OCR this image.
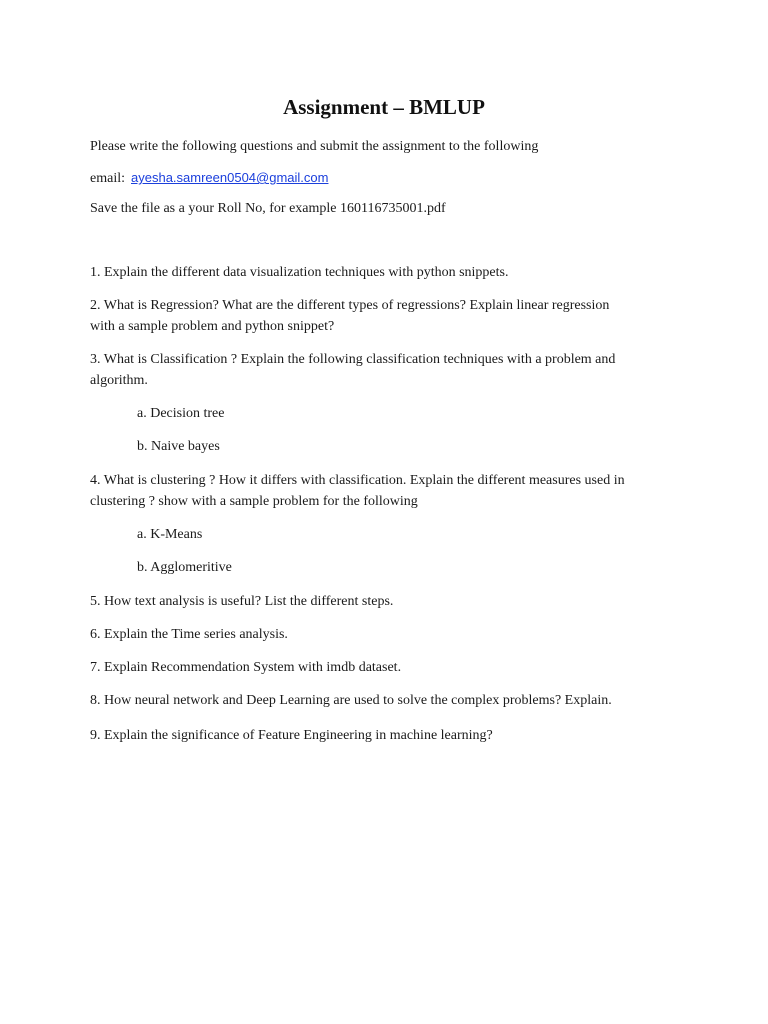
Assignment – BMLUP
Please write the following questions and submit the assignment to the following
email: ayesha.samreen0504@gmail.com
Save the file as a your Roll No, for example 160116735001.pdf
1. Explain the different data visualization techniques with python snippets.
2. What is Regression? What are the different types of regressions? Explain linear regression
with a sample problem and python snippet?
3. What is Classification ? Explain the following classification techniques with a problem and
algorithm.
a. Decision tree
b. Naive bayes
4. What is clustering ? How it differs with classification. Explain the different measures used in
clustering ? show with a sample problem for the following
a. K-Means
b. Agglomeritive
5. How text analysis is useful? List the different steps.
6. Explain the Time series analysis.
7. Explain Recommendation System with imdb dataset.
8. How neural network and Deep Learning are used to solve the complex problems? Explain.
9. Explain the significance of Feature Engineering in machine learning?
